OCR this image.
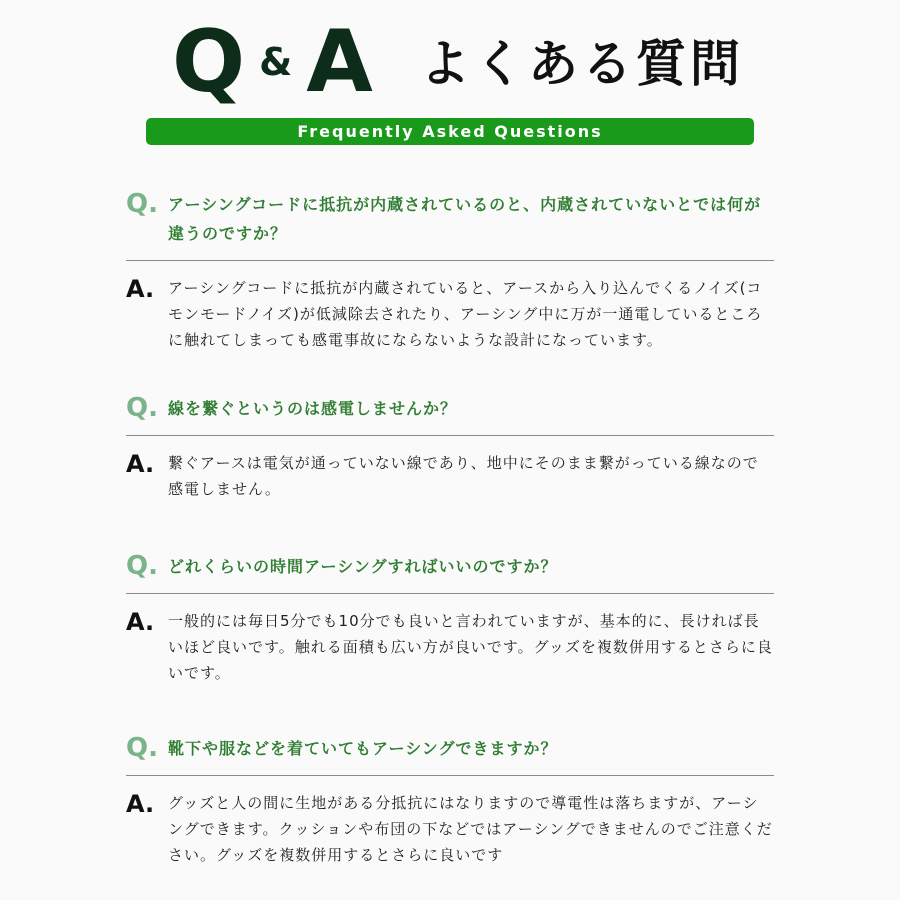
Q & A よくある質問
Frequently Asked Questions
Q. アーシングコードに抵抗が内蔵されているのと、内蔵されていないとでは何が違うのですか？
A. アーシングコードに抵抗が内蔵されていると、アースから入り込んでくるノイズ(コモンモードノイズ)が低減除去されたり、アーシング中に万が一通電しているところに触れてしまっても感電事故にならないような設計になっています。
Q. 線を繋ぐというのは感電しませんか？
A. 繋ぐアースは電気が通っていない線であり、地中にそのまま繋がっている線なので感電しません。
Q. どれくらいの時間アーシングすればいいのですか？
A. 一般的には毎日5分でも10分でも良いと言われていますが、基本的に、長ければ長いほど良いです。触れる面積も広い方が良いです。グッズを複数併用するとさらに良いです。
Q. 靴下や服などを着ていてもアーシングできますか？
A. グッズと人の間に生地がある分抵抗にはなりますので導電性は落ちますが、アーシングできます。クッションや布団の下などではアーシングできませんのでご注意ください。グッズを複数併用するとさらに良いです
